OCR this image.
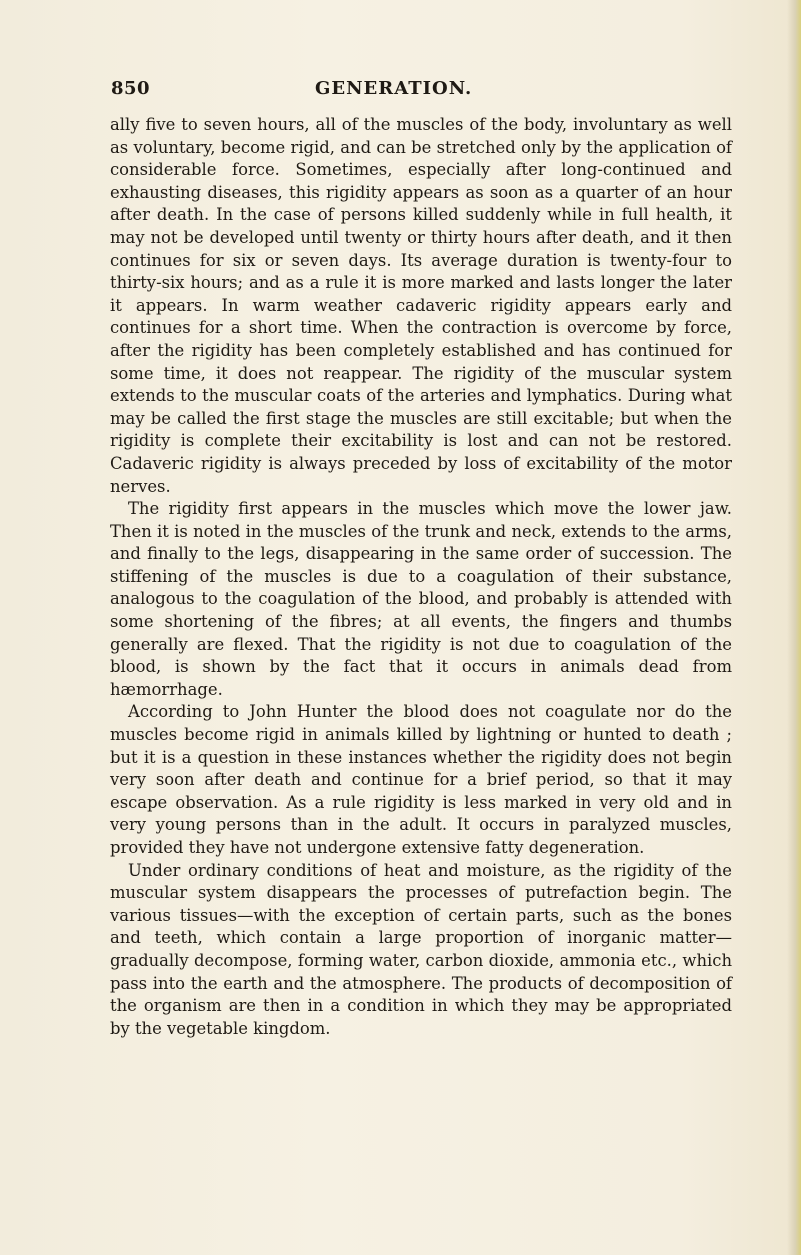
850	GENERATION.

ally five to seven hours, all of the muscles of the body, involuntary as well as voluntary, become rigid, and can be stretched only by the application of considerable force. Sometimes, especially after long-continued and exhausting diseases, this rigidity appears as soon as a quarter of an hour after death. In the case of persons killed suddenly while in full health, it may not be developed until twenty or thirty hours after death, and it then continues for six or seven days. Its average duration is twenty-four to thirty-six hours; and as a rule it is more marked and lasts longer the later it appears. In warm weather cadaveric rigidity appears early and continues for a short time. When the contraction is overcome by force, after the rigidity has been completely established and has continued for some time, it does not reappear. The rigidity of the muscular system extends to the muscular coats of the arteries and lymphatics. During what may be called the first stage the muscles are still excitable; but when the rigidity is complete their excitability is lost and can not be restored. Cadaveric rigidity is always preceded by loss of excitability of the motor nerves.

The rigidity first appears in the muscles which move the lower jaw. Then it is noted in the muscles of the trunk and neck, extends to the arms, and finally to the legs, disappearing in the same order of succession. The stiffening of the muscles is due to a coagulation of their substance, analogous to the coagulation of the blood, and probably is attended with some shortening of the fibres; at all events, the fingers and thumbs generally are flexed. That the rigidity is not due to coagulation of the blood, is shown by the fact that it occurs in animals dead from hæmorrhage.

According to John Hunter the blood does not coagulate nor do the muscles become rigid in animals killed by lightning or hunted to death ; but it is a question in these instances whether the rigidity does not begin very soon after death and continue for a brief period, so that it may escape observation. As a rule rigidity is less marked in very old and in very young persons than in the adult. It occurs in paralyzed muscles, provided they have not undergone extensive fatty degeneration.

Under ordinary conditions of heat and moisture, as the rigidity of the muscular system disappears the processes of putrefaction begin. The various tissues—with the exception of certain parts, such as the bones and teeth, which contain a large proportion of inorganic matter—gradually decompose, forming water, carbon dioxide, ammonia etc., which pass into the earth and the atmosphere. The products of decomposition of the organism are then in a condition in which they may be appropriated by the vegetable kingdom.
